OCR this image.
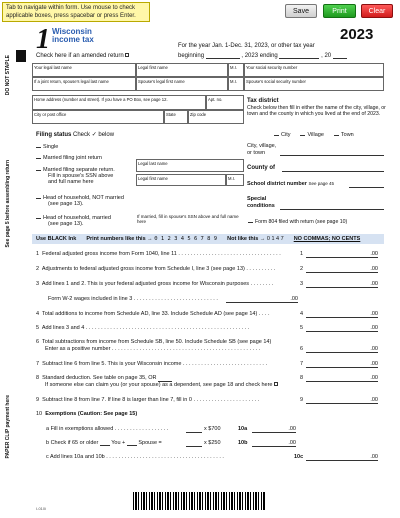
Tab to navigate within form. Use mouse to check applicable boxes, press spacebar or press Enter.
Save	Print	Clear
1 Wisconsin
income tax	2023
For the year Jan. 1-Dec. 31, 2023, or other tax year
Check here if an amended return	beginning	, 2023 ending	, 20
DO NOT STAPLE
See page 5 before assembling return
PAPER CLIP payment here
Your legal last name	Legal first name	M.I.	Your social security number
If a joint return, spouse's legal last name	Spouse's legal first name	M.I.	Spouse's social security number
Home address (number and street). If you have a PO Box, see page 12.	Apt. no.
City or post office	State	Zip code
Tax district
Check below then fill in either the name of the city, village, or town and the county in which you lived at the end of 2023.
City	Village	Town
City, village, or town
County of
School district number See page 45
Special conditions
Form 804 filed with return (see page 10)
Filing status Check ✓ below
Single
Married filing joint return
Married filing separate return.
Fill in spouse's SSN above
and full name here
Legal last name
Legal first name	M.I.
Head of household, NOT married
(see page 13).
Head of household, married
(see page 13).
If married, fill in spouse's SSN above and full name here
Use BLACK Ink Print numbers like this → 0 1 2 3 4 5 6 7 8 9 Not like this → 0 1 4 7 NO COMMAS; NO CENTS
1 Federal adjusted gross income from Form 1040, line 11 . . . . . . . . . . . . . . . . . . . . . . . . . . . . . . . . . .	1	.00
2 Adjustments to federal adjusted gross income from Schedule I, line 3 (see page 13) . . . . . . . . . .	2	.00
3 Add lines 1 and 2. This is your federal adjusted gross income for Wisconsin purposes . . . . . . . .	3	.00
Form W-2 wages included in line 3 . . . . . . . . . . . . . . . . . . . . . . . . . . . .	.00
4 Total additions to income from Schedule AD, line 33. Include Schedule AD (see page 14) . . . .	4	.00
5 Add lines 3 and 4 . . . . . . . . . . . . . . . . . . . . . . . . . . . . . . . . . . . . . . . . . . . . . . . . . . . . . .	5	.00
6 Total subtractions from income from Schedule SB, line 50. Include Schedule SB (see page 14)
Enter as a positive number . . . . . . . . . . . . . . . . . . . . . . . . . . . . . . . . . . . . . . . . . . . . . . . . .	6	.00
7 Subtract line 6 from line 5. This is your Wisconsin income . . . . . . . . . . . . . . . . . . . . . . . . . . . .	7	.00
8 Standard deduction. See table on page 35, OR
If someone else can claim you (or your spouse) as a dependent, see page 18 and check here
8	.00
9 Subtract line 8 from line 7. If line 8 is larger than line 7, fill in 0 . . . . . . . . . . . . . . . . . . . . . .	9	.00
10 Exemptions (Caution: See page 15)
a Fill in exemptions allowed . . . . . . . . . . . . . . . . . .	x $700	10a	.00
b Check if 65 or older You + Spouse =	x $250	10b	.00
c Add lines 10a and 10b . . . . . . . . . . . . . . . . . . . . . . . . . . . . . . . . . . . . . . .	10c	.00
I-010i
